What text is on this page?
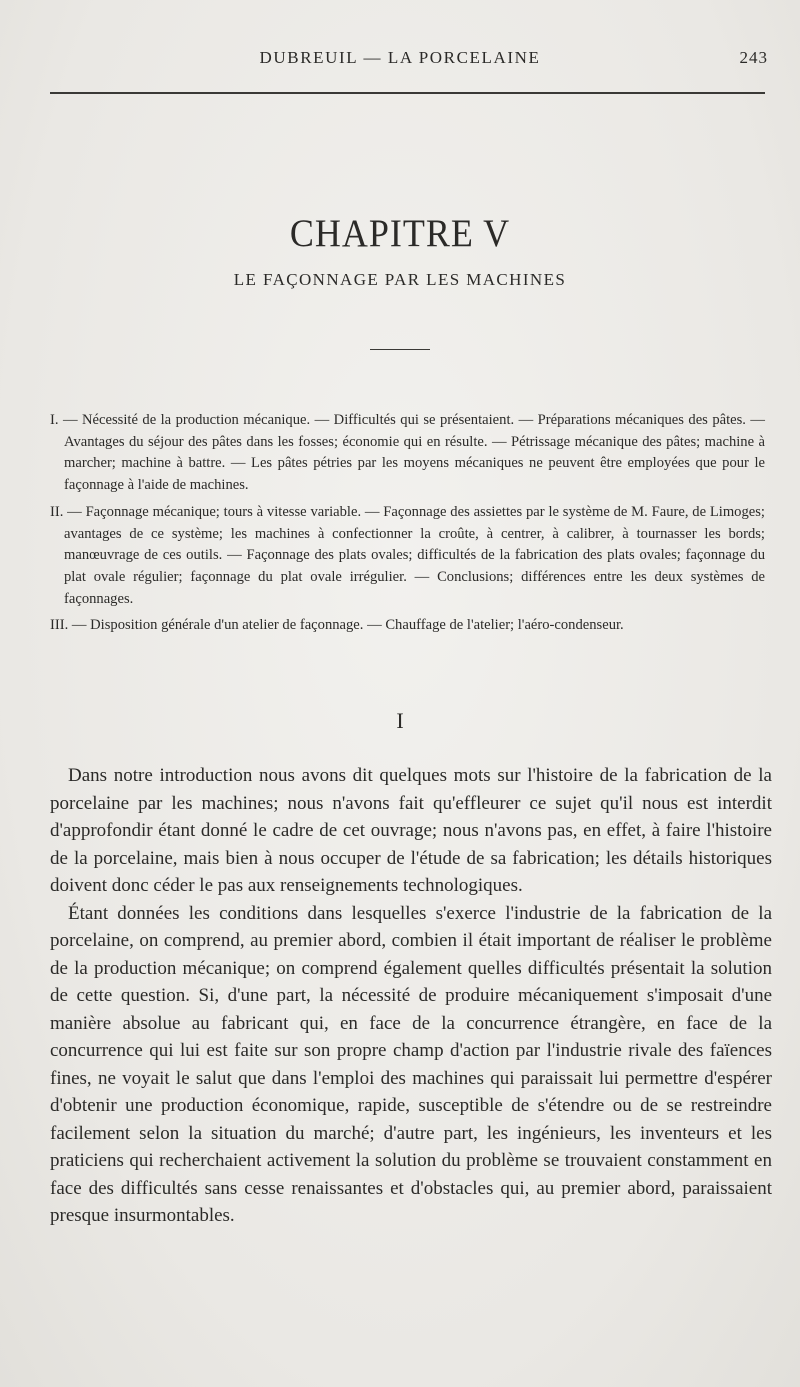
DUBREUIL — LA PORCELAINE	243
CHAPITRE V
LE FAÇONNAGE PAR LES MACHINES
I. — Nécessité de la production mécanique. — Difficultés qui se présentaient. — Préparations mécaniques des pâtes. — Avantages du séjour des pâtes dans les fosses; économie qui en résulte. — Pétrissage mécanique des pâtes; machine à marcher; machine à battre. — Les pâtes pétries par les moyens mécaniques ne peuvent être employées que pour le façonnage à l'aide de machines.
II. — Façonnage mécanique; tours à vitesse variable. — Façonnage des assiettes par le système de M. Faure, de Limoges; avantages de ce système; les machines à confectionner la croûte, à centrer, à calibrer, à tournasser les bords; manœuvrage de ces outils. — Façonnage des plats ovales; difficultés de la fabrication des plats ovales; façonnage du plat ovale régulier; façonnage du plat ovale irrégulier. — Conclusions; différences entre les deux systèmes de façonnages.
III. — Disposition générale d'un atelier de façonnage. — Chauffage de l'atelier; l'aéro-condenseur.
I

Dans notre introduction nous avons dit quelques mots sur l'histoire de la fabrication de la porcelaine par les machines; nous n'avons fait qu'effleurer ce sujet qu'il nous est interdit d'approfondir étant donné le cadre de cet ouvrage; nous n'avons pas, en effet, à faire l'histoire de la porcelaine, mais bien à nous occuper de l'étude de sa fabrication; les détails historiques doivent donc céder le pas aux renseignements technologiques.

Étant données les conditions dans lesquelles s'exerce l'industrie de la fabrication de la porcelaine, on comprend, au premier abord, combien il était important de réaliser le problème de la production mécanique; on comprend également quelles difficultés présentait la solution de cette question. Si, d'une part, la nécessité de produire mécaniquement s'imposait d'une manière absolue au fabricant qui, en face de la concurrence étrangère, en face de la concurrence qui lui est faite sur son propre champ d'action par l'industrie rivale des faïences fines, ne voyait le salut que dans l'emploi des machines qui paraissait lui permettre d'espérer d'obtenir une production économique, rapide, susceptible de s'étendre ou de se restreindre facilement selon la situation du marché; d'autre part, les ingénieurs, les inventeurs et les praticiens qui recherchaient activement la solution du problème se trouvaient constamment en face des difficultés sans cesse renaissantes et d'obstacles qui, au premier abord, paraissaient presque insurmontables.
